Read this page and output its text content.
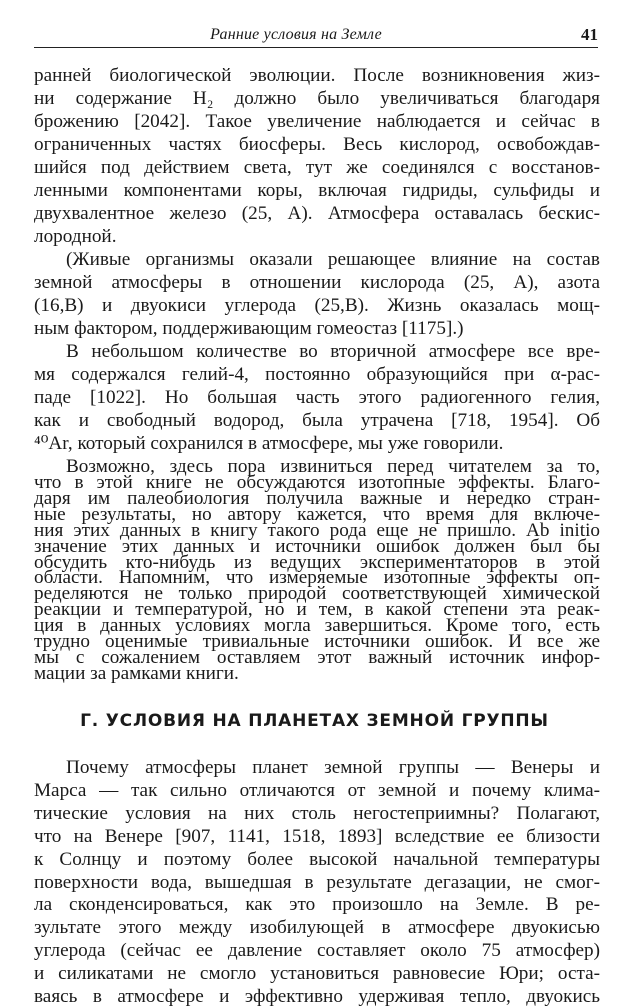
Ранние условия на Земле	41
ранней биологической эволюции. После возникновения жиз-
ни содержание H₂ должно было увеличиваться благодаря
брожению [2042]. Такое увеличение наблюдается и сейчас в
ограниченных частях биосферы. Весь кислород, освобождав-
шийся под действием света, тут же соединялся с восстанов-
ленными компонентами коры, включая гидриды, сульфиды и
двухвалентное железо (25, A). Атмосфера оставалась бескис-
лородной.
(Живые организмы оказали решающее влияние на состав
земной атмосферы в отношении кислорода (25, A), азота
(16,B) и двуокиси углерода (25,B). Жизнь оказалась мощ-
ным фактором, поддерживающим гомеостаз [1175].)
В небольшом количестве во вторичной атмосфере все вре-
мя содержался гелий-4, постоянно образующийся при α-рас-
паде [1022]. Но большая часть этого радиогенного гелия,
как и свободный водород, была утрачена [718, 1954]. Об
⁴⁰Ar, который сохранился в атмосфере, мы уже говорили.
Возможно, здесь пора извиниться перед читателем за то,
что в этой книге не обсуждаются изотопные эффекты. Благо-
даря им палеобиология получила важные и нередко стран-
ные результаты, но автору кажется, что время для включе-
ния этих данных в книгу такого рода еще не пришло. Ab initio
значение этих данных и источники ошибок должен был бы
обсудить кто-нибудь из ведущих экспериментаторов в этой
области. Напомним, что измеряемые изотопные эффекты оп-
ределяются не только природой соответствующей химической
реакции и температурой, но и тем, в какой степени эта реак-
ция в данных условиях могла завершиться. Кроме того, есть
трудно оценимые тривиальные источники ошибок. И все же
мы с сожалением оставляем этот важный источник инфор-
мации за рамками книги.
Почему атмосферы планет земной группы — Венеры и
Марса — так сильно отличаются от земной и почему клима-
тические условия на них столь негостеприимны? Полагают,
что на Венере [907, 1141, 1518, 1893] вследствие ее близости
к Солнцу и поэтому более высокой начальной температуры
поверхности вода, вышедшая в результате дегазации, не смог-
ла сконденсироваться, как это произошло на Земле. В ре-
зультате этого между изобилующей в атмосфере двуокисью
углерода (сейчас ее давление составляет около 75 атмосфер)
и силикатами не смогло установиться равновесие Юри; оста-
ваясь в атмосфере и эффективно удерживая тепло, двуокись
Г. УСЛОВИЯ НА ПЛАНЕТАХ ЗЕМНОЙ ГРУППЫ
